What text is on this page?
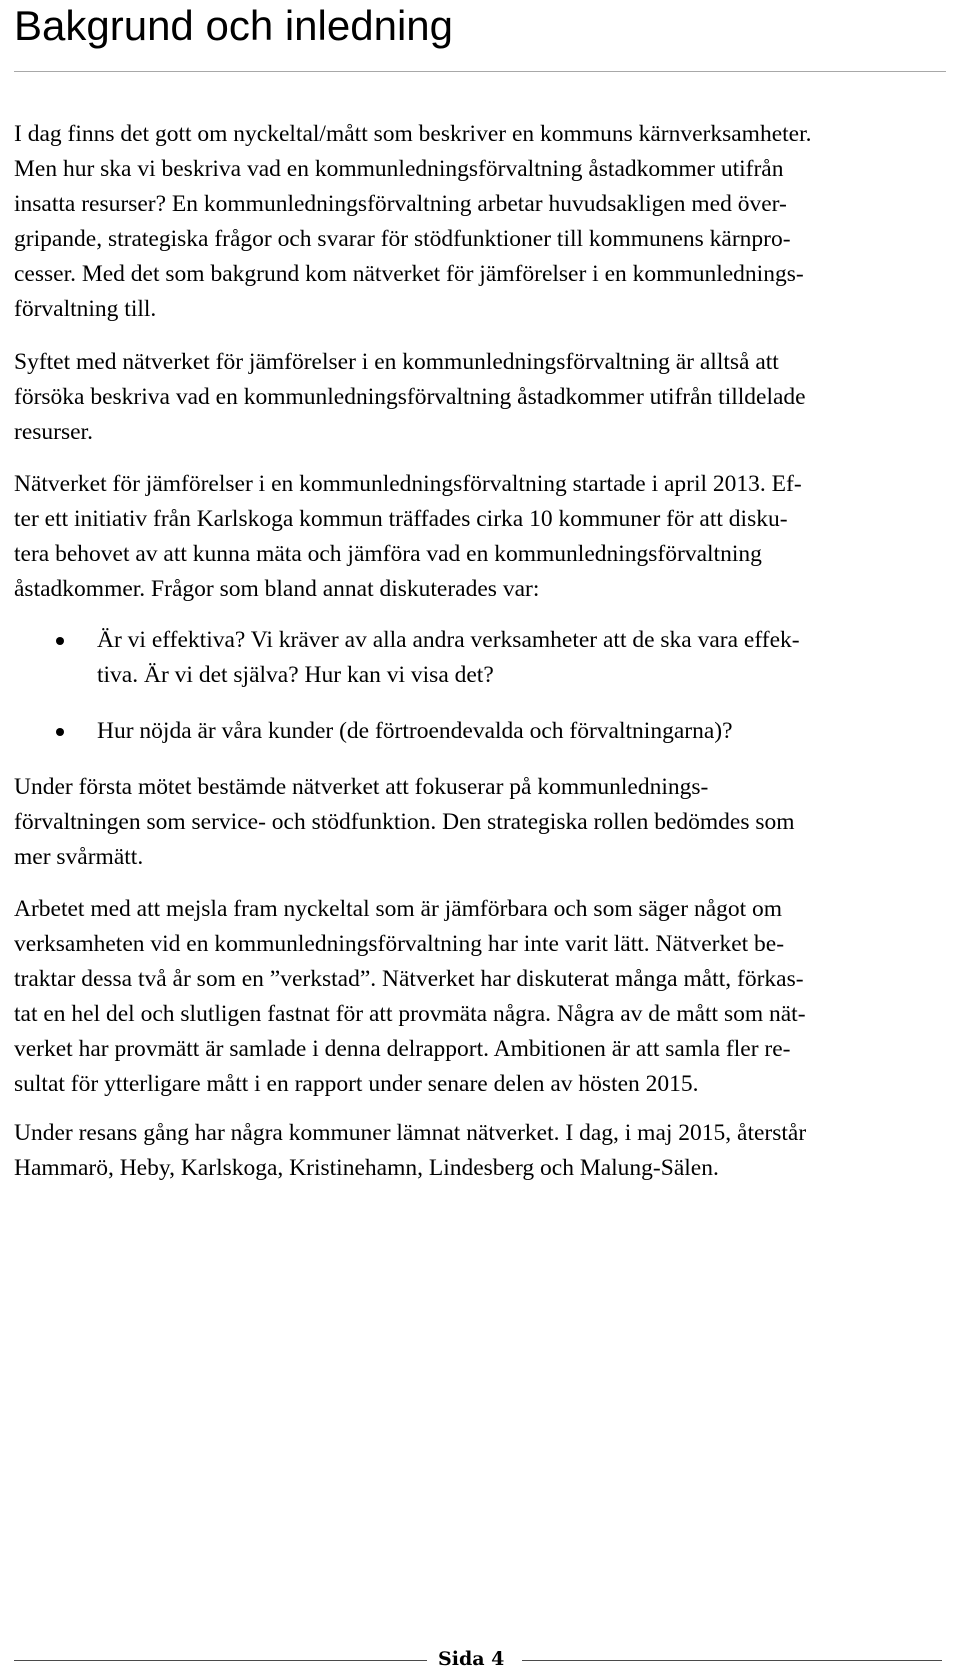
Bakgrund och inledning
I dag finns det gott om nyckeltal/mått som beskriver en kommuns kärnverksamheter.
Men hur ska vi beskriva vad en kommunledningsförvaltning åstadkommer utifrån
insatta resurser? En kommunledningsförvaltning arbetar huvudsakligen med över-
gripande, strategiska frågor och svarar för stödfunktioner till kommunens kärnpro-
cesser. Med det som bakgrund kom nätverket för jämförelser i en kommunlednings-
förvaltning till.
Syftet med nätverket för jämförelser i en kommunledningsförvaltning är alltså att
försöka beskriva vad en kommunledningsförvaltning åstadkommer utifrån tilldelade
resurser.
Nätverket för jämförelser i en kommunledningsförvaltning startade i april 2013. Ef-
ter ett initiativ från Karlskoga kommun träffades cirka 10 kommuner för att disku-
tera behovet av att kunna mäta och jämföra vad en kommunledningsförvaltning
åstadkommer. Frågor som bland annat diskuterades var:
Är vi effektiva? Vi kräver av alla andra verksamheter att de ska vara effek-
tiva. Är vi det själva? Hur kan vi visa det?
Hur nöjda är våra kunder (de förtroendevalda och förvaltningarna)?
Under första mötet bestämde nätverket att fokuserar på kommunlednings-
förvaltningen som service- och stödfunktion. Den strategiska rollen bedömdes som
mer svårmätt.
Arbetet med att mejsla fram nyckeltal som är jämförbara och som säger något om
verksamheten vid en kommunledningsförvaltning har inte varit lätt. Nätverket be-
traktar dessa två år som en ”verkstad”. Nätverket har diskuterat många mått, förkas-
tat en hel del och slutligen fastnat för att provmäta några. Några av de mått som nät-
verket har provmätt är samlade i denna delrapport. Ambitionen är att samla fler re-
sultat för ytterligare mått i en rapport under senare delen av hösten 2015.
Under resans gång har några kommuner lämnat nätverket. I dag, i maj 2015, återstår
Hammarö, Heby, Karlskoga, Kristinehamn, Lindesberg och Malung-Sälen.
Sida 4
